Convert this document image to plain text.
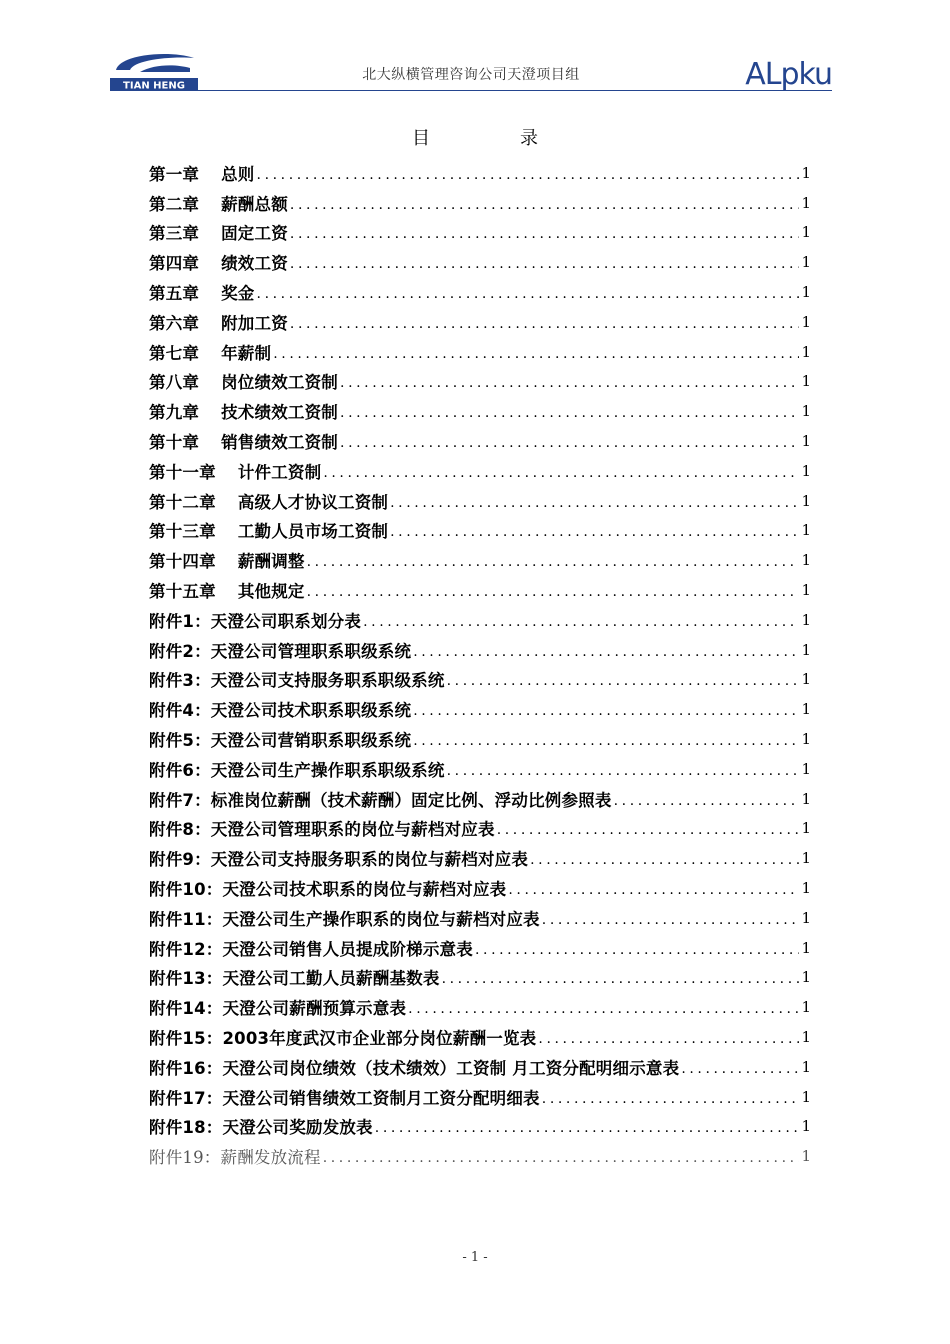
TIAN HENG
北大纵横管理咨询公司天澄项目组	ALpku
目	录
第一章 总则 .....	1
第二章 薪酬总额 .....	1
第三章 固定工资 .....	1
第四章 绩效工资 .....	1
第五章 奖金 .....	1
第六章 附加工资 .....	1
第七章 年薪制 .....	1
第八章 岗位绩效工资制 .....	1
第九章 技术绩效工资制 .....	1
第十章 销售绩效工资制 .....	1
第十一章 计件工资制 .....	1
第十二章 高级人才协议工资制 .....	1
第十三章 工勤人员市场工资制 .....	1
第十四章 薪酬调整 .....	1
第十五章 其他规定 .....	1
附件1：天澄公司职系划分表 .....	1
附件2：天澄公司管理职系职级系统 .....	1
附件3：天澄公司支持服务职系职级系统 .....	1
附件4：天澄公司技术职系职级系统 .....	1
附件5：天澄公司营销职系职级系统 .....	1
附件6：天澄公司生产操作职系职级系统 .....	1
附件7：标准岗位薪酬（技术薪酬）固定比例、浮动比例参照表 .....	1
附件8：天澄公司管理职系的岗位与薪档对应表 .....	1
附件9：天澄公司支持服务职系的岗位与薪档对应表 .....	1
附件10：天澄公司技术职系的岗位与薪档对应表 .....	1
附件11：天澄公司生产操作职系的岗位与薪档对应表 .....	1
附件12：天澄公司销售人员提成阶梯示意表 .....	1
附件13：天澄公司工勤人员薪酬基数表 .....	1
附件14：天澄公司薪酬预算示意表 .....	1
附件15：2003年度武汉市企业部分岗位薪酬一览表 .....	1
附件16：天澄公司岗位绩效（技术绩效）工资制 月工资分配明细示意表 .....	1
附件17：天澄公司销售绩效工资制月工资分配明细表 .....	1
附件18：天澄公司奖励发放表 .....	1
附件19：薪酬发放流程 .....	1
- 1 -
